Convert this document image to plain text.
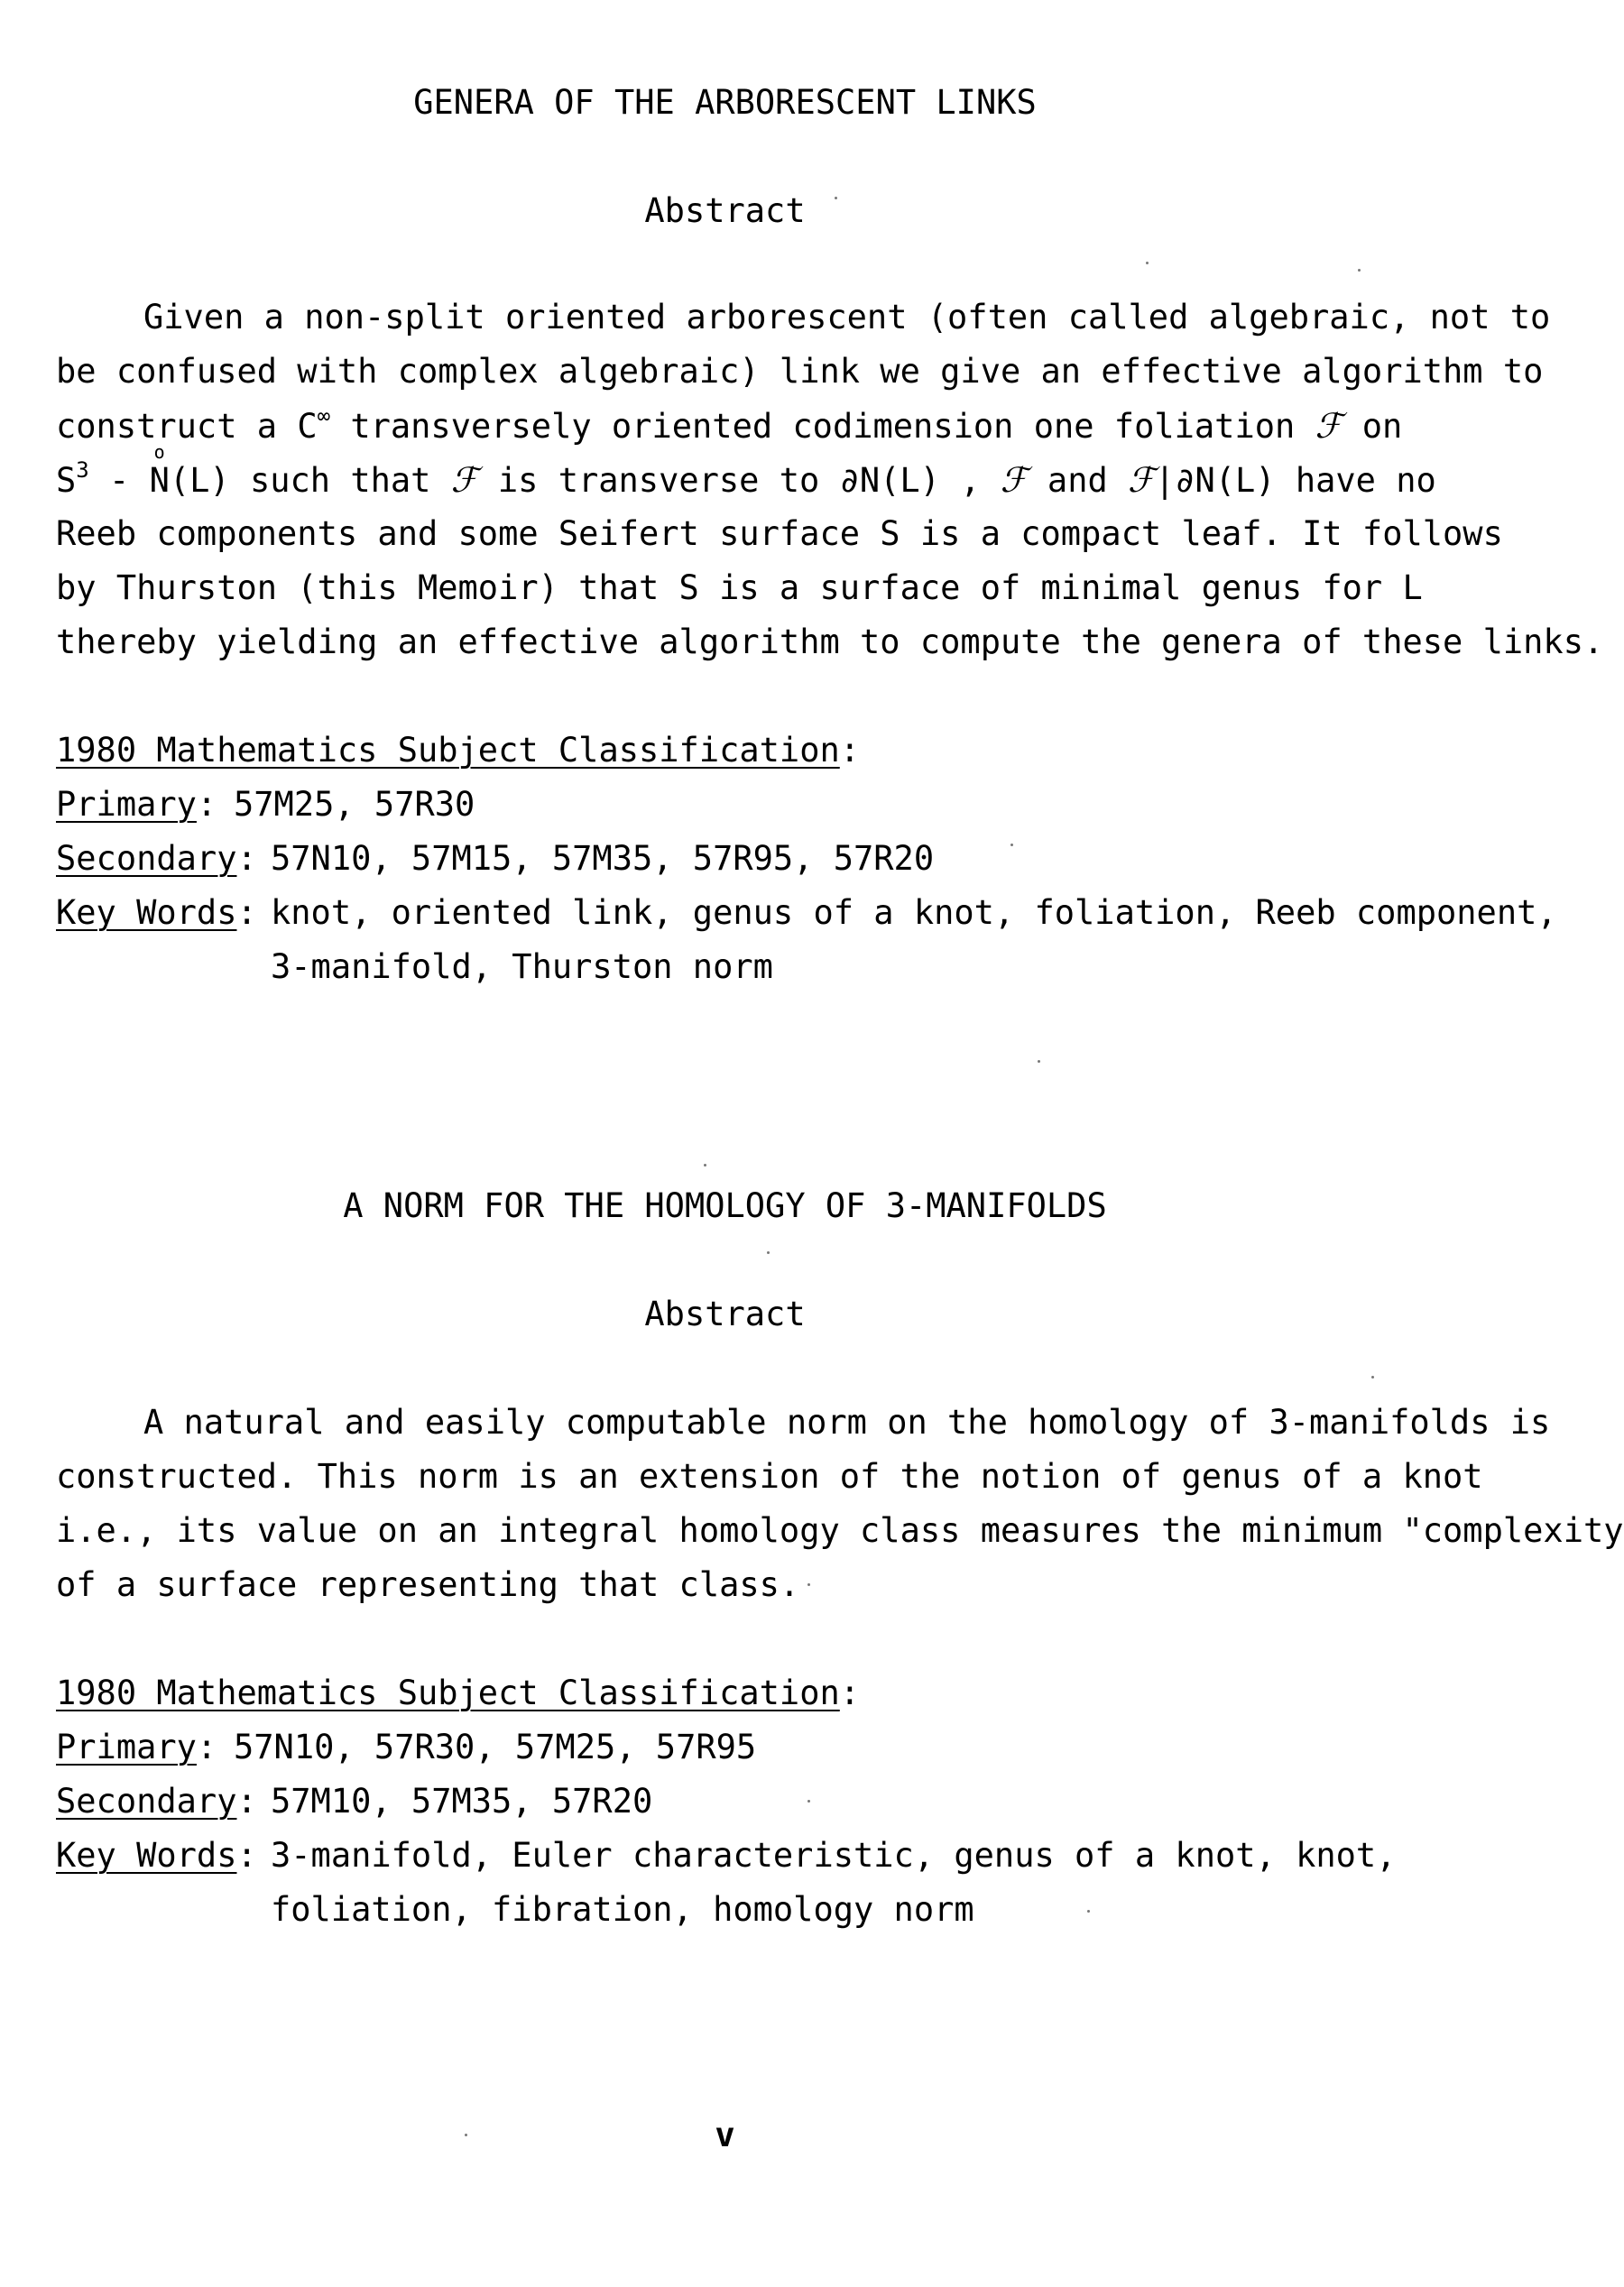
GENERA OF THE ARBORESCENT LINKS
Abstract
Given a non-split oriented arborescent (often called algebraic, not to
be confused with complex algebraic) link we give an effective algorithm to
construct a C∞ transversely oriented codimension one foliation ℱ on
$S^3$ - o N(L) such that ℱ is transverse to ∂N(L) , ℱ and ℱ|∂N(L) have no
Reeb components and some Seifert surface S is a compact leaf. It follows
by Thurston (this Memoir) that S is a surface of minimal genus for L
thereby yielding an effective algorithm to compute the genera of these links.
1980 Mathematics Subject Classification:
Primary: 57M25, 57R30
Secondary: 57N10, 57M15, 57M35, 57R95, 57R20
Key Words: knot, oriented link, genus of a knot, foliation, Reeb component,
3-manifold, Thurston norm
A NORM FOR THE HOMOLOGY OF 3-MANIFOLDS
Abstract
A natural and easily computable norm on the homology of 3-manifolds is
constructed. This norm is an extension of the notion of genus of a knot
i.e., its value on an integral homology class measures the minimum "complexity
of a surface representing that class.
1980 Mathematics Subject Classification:
Primary: 57N10, 57R30, 57M25, 57R95
Secondary: 57M10, 57M35, 57R20
Key Words: 3-manifold, Euler characteristic, genus of a knot, knot,
foliation, fibration, homology norm
v
